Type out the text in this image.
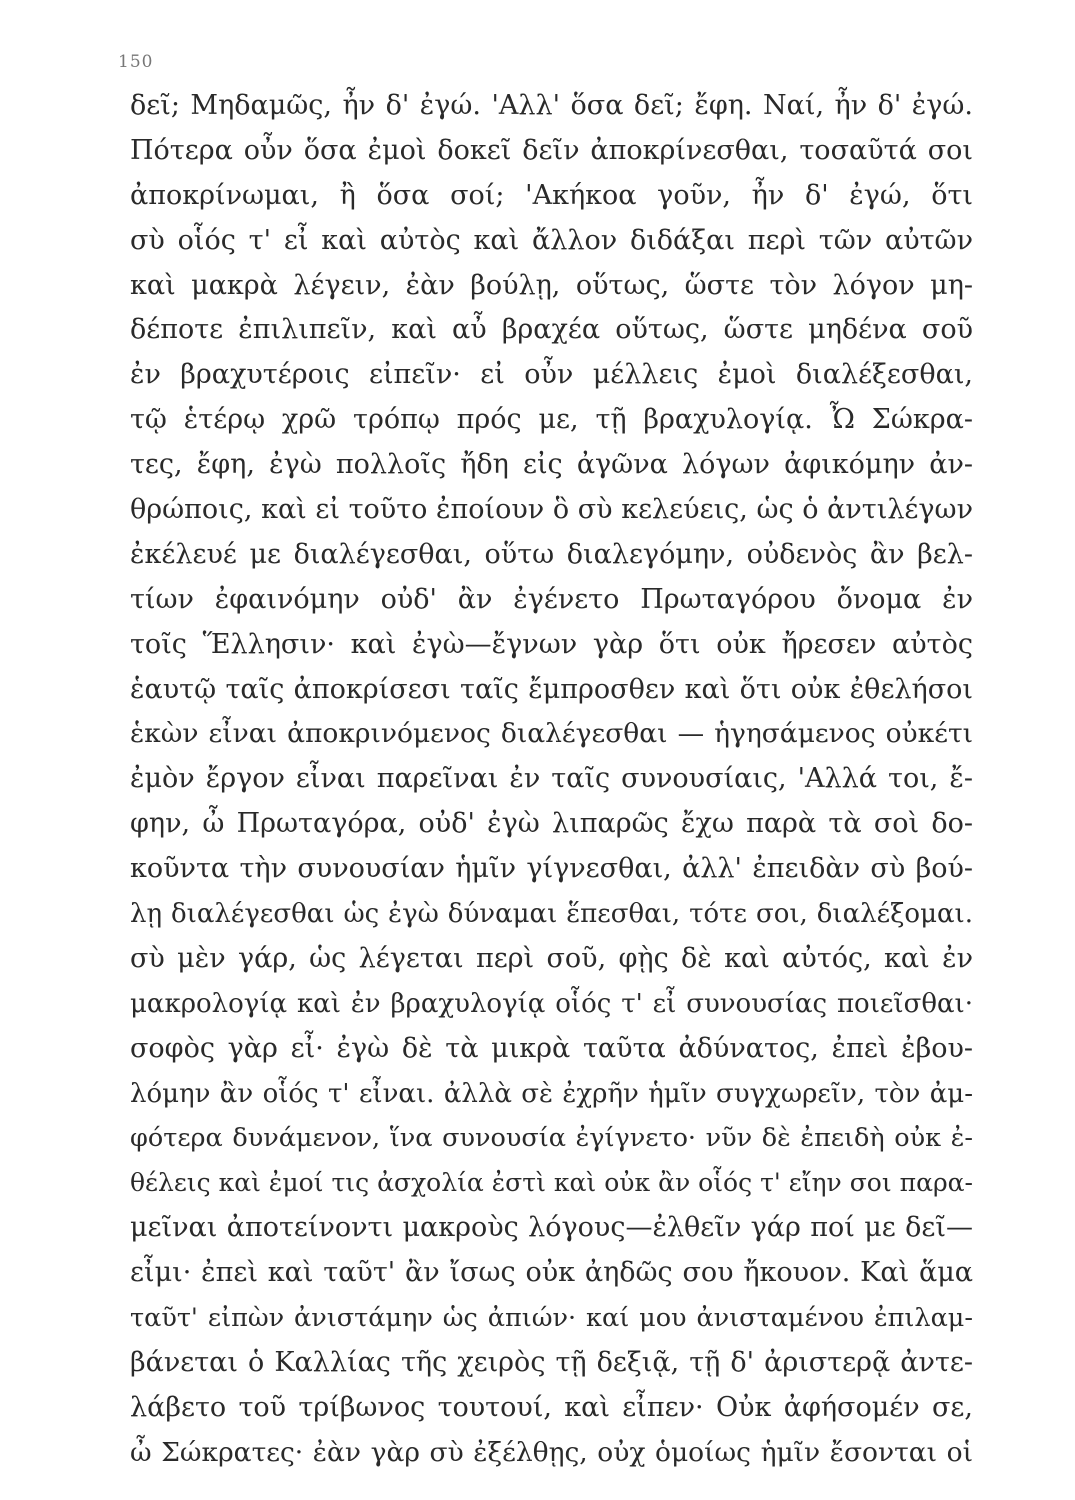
150
δεῖ; Μηδαμῶς, ἦν δ' ἐγώ. 'Αλλ' ὅσα δεῖ; ἔφη. Ναί, ἦν δ' ἐγώ.
Πότερα οὖν ὅσα ἐμοὶ δοκεῖ δεῖν ἀποκρίνεσθαι, τοσαῦτά σοι
ἀποκρίνωμαι, ἢ ὅσα σοί; 'Ακήκοα γοῦν, ἦν δ' ἐγώ, ὅτι
σὺ οἷός τ' εἶ καὶ αὐτὸς καὶ ἄλλον διδάξαι περὶ τῶν αὐτῶν
καὶ μακρὰ λέγειν, ἐὰν βούλῃ, οὕτως, ὥστε τὸν λόγον μη-
δέποτε ἐπιλιπεῖν, καὶ αὖ βραχέα οὕτως, ὥστε μηδένα σοῦ
ἐν βραχυτέροις εἰπεῖν· εἰ οὖν μέλλεις ἐμοὶ διαλέξεσθαι,
τῷ ἑτέρῳ χρῶ τρόπῳ πρός με, τῇ βραχυλογίᾳ. Ὦ Σώκρα-
τες, ἔφη, ἐγὼ πολλοῖς ἤδη εἰς ἀγῶνα λόγων ἀφικόμην ἀν-
θρώποις, καὶ εἰ τοῦτο ἐποίουν ὃ σὺ κελεύεις, ὡς ὁ ἀντιλέγων
ἐκέλευέ με διαλέγεσθαι, οὕτω διαλεγόμην, οὐδενὸς ἂν βελ-
τίων ἐφαινόμην οὐδ' ἂν ἐγένετο Πρωταγόρου ὄνομα ἐν
τοῖς Ἕλλησιν· καὶ ἐγὼ—ἔγνων γὰρ ὅτι οὐκ ἤρεσεν αὐτὸς
ἑαυτῷ ταῖς ἀποκρίσεσι ταῖς ἔμπροσθεν καὶ ὅτι οὐκ ἐθελήσοι
ἑκὼν εἶναι ἀποκρινόμενος διαλέγεσθαι — ἡγησάμενος οὐκέτι
ἐμὸν ἔργον εἶναι παρεῖναι ἐν ταῖς συνουσίαις, 'Αλλά τοι, ἔ-
φην, ὦ Πρωταγόρα, οὐδ' ἐγὼ λιπαρῶς ἔχω παρὰ τὰ σοὶ δο-
κοῦντα τὴν συνουσίαν ἡμῖν γίγνεσθαι, ἀλλ' ἐπειδὰν σὺ βού-
λῃ διαλέγεσθαι ὡς ἐγὼ δύναμαι ἕπεσθαι, τότε σοι, διαλέξομαι.
σὺ μὲν γάρ, ὡς λέγεται περὶ σοῦ, φῂς δὲ καὶ αὐτός, καὶ ἐν
μακρολογίᾳ καὶ ἐν βραχυλογίᾳ οἷός τ' εἶ συνουσίας ποιεῖσθαι·
σοφὸς γὰρ εἶ· ἐγὼ δὲ τὰ μικρὰ ταῦτα ἀδύνατος, ἐπεὶ ἐβου-
λόμην ἂν οἷός τ' εἶναι. ἀλλὰ σὲ ἐχρῆν ἡμῖν συγχωρεῖν, τὸν ἀμ-
φότερα δυνάμενον, ἵνα συνουσία ἐγίγνετο· νῦν δὲ ἐπειδὴ οὐκ ἐ-
θέλεις καὶ ἐμοί τις ἀσχολία ἐστὶ καὶ οὐκ ἂν οἷός τ' εἴην σοι παρα-
μεῖναι ἀποτείνοντι μακροὺς λόγους—ἐλθεῖν γάρ ποί με δεῖ—
εἶμι· ἐπεὶ καὶ ταῦτ' ἂν ἴσως οὐκ ἀηδῶς σου ἤκουον. Καὶ ἅμα
ταῦτ' εἰπὼν ἀνιστάμην ὡς ἀπιών· καί μου ἀνισταμένου ἐπιλαμ-
βάνεται ὁ Καλλίας τῆς χειρὸς τῇ δεξιᾷ, τῇ δ' ἀριστερᾷ ἀντε-
λάβετο τοῦ τρίβωνος τουτουί, καὶ εἶπεν· Οὐκ ἀφήσομέν σε,
ὦ Σώκρατες· ἐὰν γὰρ σὺ ἐξέλθῃς, οὐχ ὁμοίως ἡμῖν ἔσονται οἱ
